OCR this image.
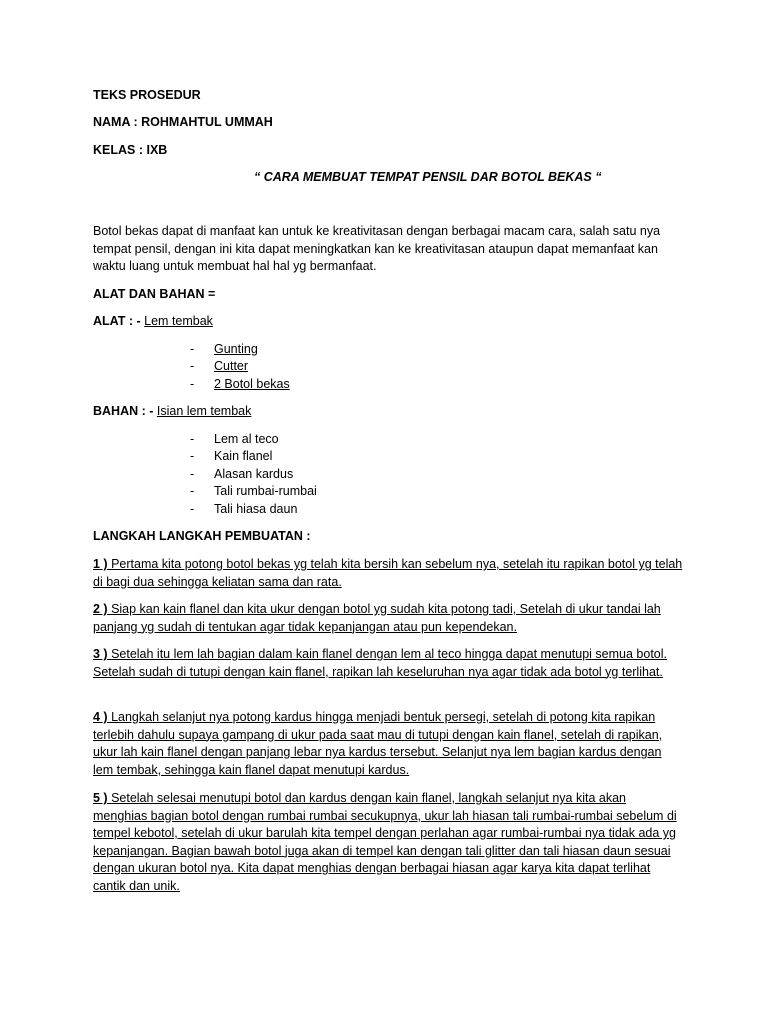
TEKS PROSEDUR
NAMA : ROHMAHTUL UMMAH
KELAS : IXB
“ CARA MEMBUAT TEMPAT PENSIL DAR BOTOL BEKAS “
Botol bekas dapat di manfaat kan untuk ke kreativitasan dengan berbagai macam cara, salah satu nya tempat pensil, dengan ini kita dapat meningkatkan kan ke kreativitasan ataupun dapat memanfaat kan waktu luang untuk membuat hal hal yg bermanfaat.
ALAT DAN BAHAN =
ALAT : - Lem tembak
- Gunting
- Cutter
- 2 Botol bekas
BAHAN : - Isian lem tembak
- Lem al teco
- Kain flanel
- Alasan kardus
- Tali rumbai-rumbai
- Tali hiasa daun
LANGKAH LANGKAH PEMBUATAN :
1 ) Pertama kita potong botol bekas yg telah kita bersih kan sebelum nya, setelah itu rapikan botol yg telah di bagi dua sehingga keliatan sama dan rata.
2 ) Siap kan kain flanel dan kita ukur dengan botol yg sudah kita potong tadi, Setelah di ukur tandai lah panjang yg sudah di tentukan agar tidak kepanjangan atau pun kependekan.
3 ) Setelah itu lem lah bagian dalam kain flanel dengan lem al teco hingga dapat menutupi semua botol. Setelah sudah di tutupi dengan kain flanel, rapikan lah keseluruhan nya agar tidak ada botol yg terlihat.
4 ) Langkah selanjut nya potong kardus hingga menjadi bentuk persegi, setelah di potong kita rapikan terlebih dahulu supaya gampang di ukur pada saat mau di tutupi dengan kain flanel, setelah di rapikan, ukur lah kain flanel dengan panjang lebar nya kardus tersebut. Selanjut nya lem bagian kardus dengan lem tembak, sehingga kain flanel dapat menutupi kardus.
5 ) Setelah selesai menutupi botol dan kardus dengan kain flanel, langkah selanjut nya kita akan menghias bagian botol dengan rumbai rumbai secukupnya, ukur lah hiasan tali rumbai-rumbai sebelum di tempel kebotol, setelah di ukur barulah kita tempel dengan perlahan agar rumbai-rumbai nya tidak ada yg kepanjangan. Bagian bawah botol juga akan di tempel kan dengan tali glitter dan tali hiasan daun sesuai dengan ukuran botol nya. Kita dapat menghias dengan berbagai hiasan agar karya kita dapat terlihat cantik dan unik.
